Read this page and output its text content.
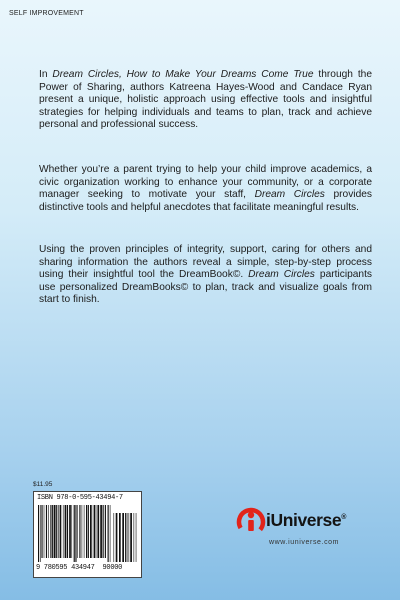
SELF IMPROVEMENT

In Dream Circles, How to Make Your Dreams Come True through the Power of Sharing, authors Katreena Hayes-Wood and Candace Ryan present a unique, holistic approach using effective tools and insightful strategies for helping individuals and teams to plan, track and achieve personal and professional success.

Whether you’re a parent trying to help your child improve academics, a civic organization working to enhance your community, or a corporate manager seeking to motivate your staff, Dream Circles provides distinctive tools and helpful anecdotes that facilitate meaningful results.

Using the proven principles of integrity, support, caring for others and sharing information the authors reveal a simple, step-by-step process using their insightful tool the DreamBook©. Dream Circles participants use personalized DreamBooks© to plan, track and visualize goals from start to finish.

$11.95
ISBN 978-0-595-43494-7
9 780595 434947 90000
iUniverse®
www.iuniverse.com
